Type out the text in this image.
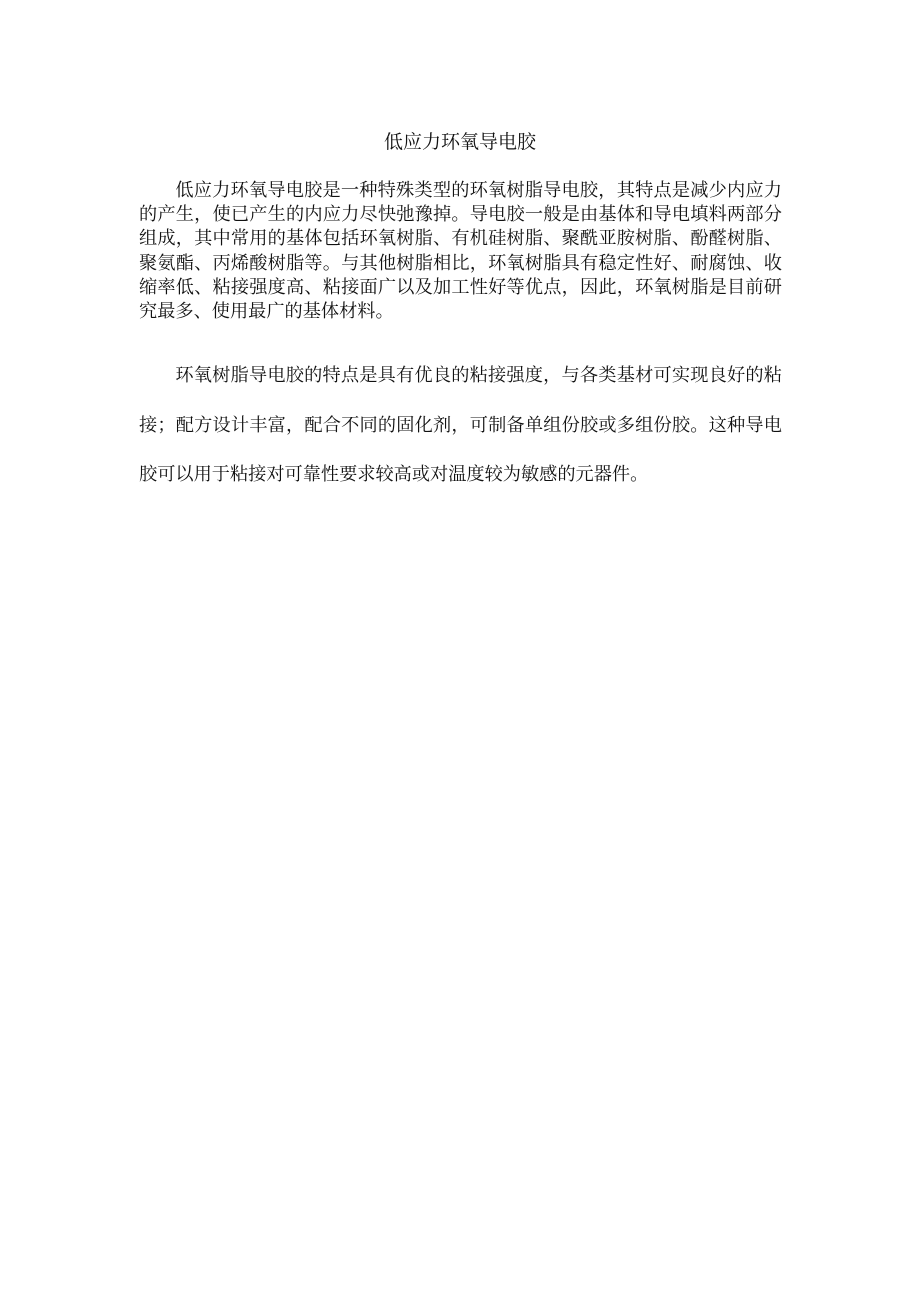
低应力环氧导电胶

低应力环氧导电胶是一种特殊类型的环氧树脂导电胶，其特点是减少内应力的产生，使已产生的内应力尽快弛豫掉。导电胶一般是由基体和导电填料两部分组成，其中常用的基体包括环氧树脂、有机硅树脂、聚酰亚胺树脂、酚醛树脂、聚氨酯、丙烯酸树脂等。与其他树脂相比，环氧树脂具有稳定性好、耐腐蚀、收缩率低、粘接强度高、粘接面广以及加工性好等优点，因此，环氧树脂是目前研究最多、使用最广的基体材料。

环氧树脂导电胶的特点是具有优良的粘接强度，与各类基材可实现良好的粘接；配方设计丰富，配合不同的固化剂，可制备单组份胶或多组份胶。这种导电胶可以用于粘接对可靠性要求较高或对温度较为敏感的元器件。
